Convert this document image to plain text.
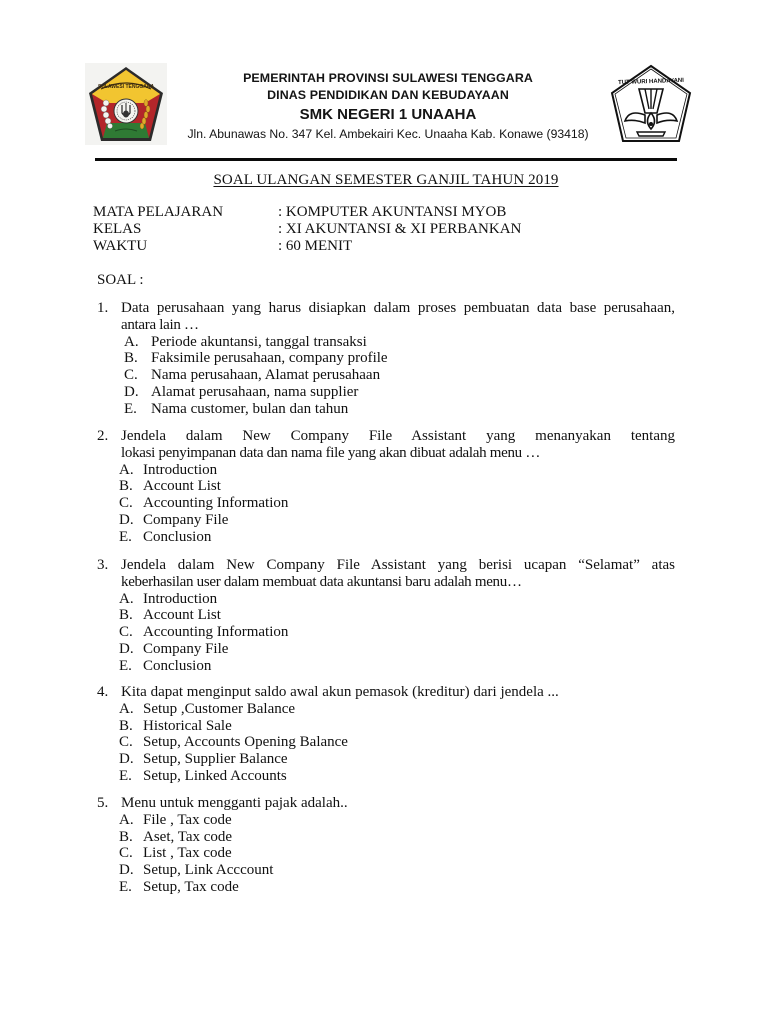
SULAWESI TENGGARA
PEMERINTAH PROVINSI SULAWESI TENGGARA
DINAS PENDIDIKAN DAN KEBUDAYAAN
SMK NEGERI 1 UNAAHA
Jln. Abunawas No. 347 Kel. Ambekairi Kec. Unaaha Kab. Konawe (93418)
TUT WURI HANDAYANI
SOAL ULANGAN SEMESTER GANJIL TAHUN 2019
MATA PELAJARAN	: KOMPUTER AKUNTANSI MYOB
KELAS	: XI AKUNTANSI & XI PERBANKAN
WAKTU	: 60 MENIT
SOAL :
1. Data perusahaan yang harus disiapkan dalam proses pembuatan data base perusahaan,
antara lain …
A. Periode akuntansi, tanggal transaksi
B. Faksimile perusahaan, company profile
C. Nama perusahaan, Alamat perusahaan
D. Alamat perusahaan, nama supplier
E. Nama customer, bulan dan tahun
2. Jendela dalam New Company File Assistant yang menanyakan tentang
lokasi penyimpanan data dan nama file yang akan dibuat adalah menu …
A. Introduction
B. Account List
C. Accounting Information
D. Company File
E. Conclusion
3. Jendela dalam New Company File Assistant yang berisi ucapan “Selamat” atas
keberhasilan user dalam membuat data akuntansi baru adalah menu…
A. Introduction
B. Account List
C. Accounting Information
D. Company File
E. Conclusion
4. Kita dapat menginput saldo awal akun pemasok (kreditur) dari jendela ...
A. Setup ,Customer Balance
B. Historical Sale
C. Setup, Accounts Opening Balance
D. Setup, Supplier Balance
E. Setup, Linked Accounts
5. Menu untuk mengganti pajak adalah..
A. File , Tax code
B. Aset, Tax code
C. List , Tax code
D. Setup, Link Acccount
E. Setup, Tax code
